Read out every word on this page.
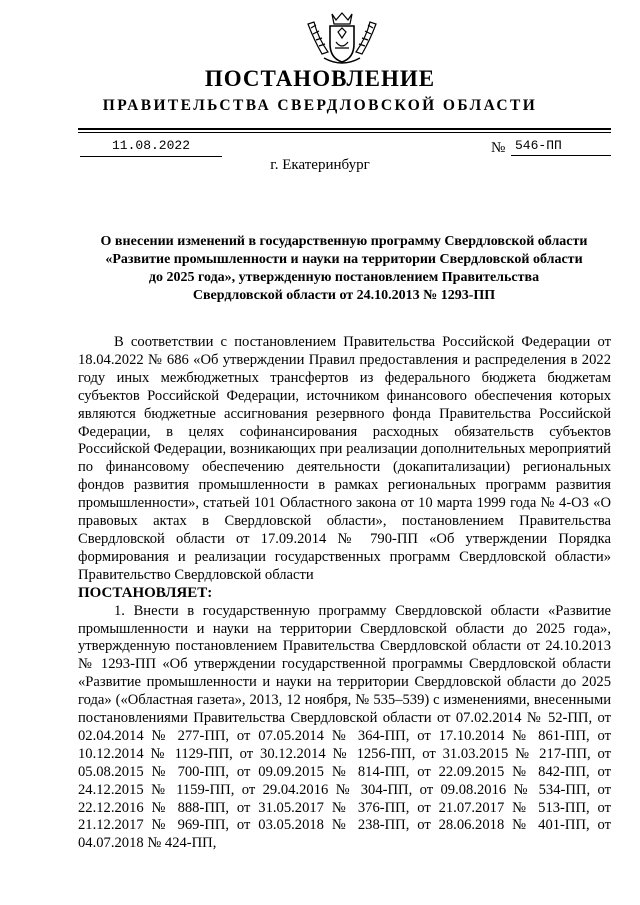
ПОСТАНОВЛЕНИЕ
ПРАВИТЕЛЬСТВА СВЕРДЛОВСКОЙ ОБЛАСТИ
11.08.2022	№ 546-ПП
г. Екатеринбург
О внесении изменений в государственную программу Свердловской области
«Развитие промышленности и науки на территории Свердловской области
до 2025 года», утвержденную постановлением Правительства
Свердловской области от 24.10.2013 № 1293-ПП

В соответствии с постановлением Правительства Российской Федерации от 18.04.2022 № 686 «Об утверждении Правил предоставления и распределения в 2022 году иных межбюджетных трансфертов из федерального бюджета бюджетам субъектов Российской Федерации, источником финансового обеспечения которых являются бюджетные ассигнования резервного фонда Правительства Российской Федерации, в целях софинансирования расходных обязательств субъектов Российской Федерации, возникающих при реализации дополнительных мероприятий по финансовому обеспечению деятельности (докапитализации) региональных фондов развития промышленности в рамках региональных программ развития промышленности», статьей 101 Областного закона от 10 марта 1999 года № 4-ОЗ «О правовых актах в Свердловской области», постановлением Правительства Свердловской области от 17.09.2014 № 790-ПП «Об утверждении Порядка формирования и реализации государственных программ Свердловской области» Правительство Свердловской области

ПОСТАНОВЛЯЕТ:

1. Внести в государственную программу Свердловской области «Развитие промышленности и науки на территории Свердловской области до 2025 года», утвержденную постановлением Правительства Свердловской области от 24.10.2013 № 1293-ПП «Об утверждении государственной программы Свердловской области «Развитие промышленности и науки на территории Свердловской области до 2025 года» («Областная газета», 2013, 12 ноября, № 535–539) с изменениями, внесенными постановлениями Правительства Свердловской области от 07.02.2014 № 52-ПП, от 02.04.2014 № 277-ПП, от 07.05.2014 № 364-ПП, от 17.10.2014 № 861-ПП, от 10.12.2014 № 1129-ПП, от 30.12.2014 № 1256-ПП, от 31.03.2015 № 217-ПП, от 05.08.2015 № 700-ПП, от 09.09.2015 № 814-ПП, от 22.09.2015 № 842-ПП, от 24.12.2015 № 1159-ПП, от 29.04.2016 № 304-ПП, от 09.08.2016 № 534-ПП, от 22.12.2016 № 888-ПП, от 31.05.2017 № 376-ПП, от 21.07.2017 № 513-ПП, от 21.12.2017 № 969-ПП, от 03.05.2018 № 238-ПП, от 28.06.2018 № 401-ПП, от 04.07.2018 № 424-ПП,
